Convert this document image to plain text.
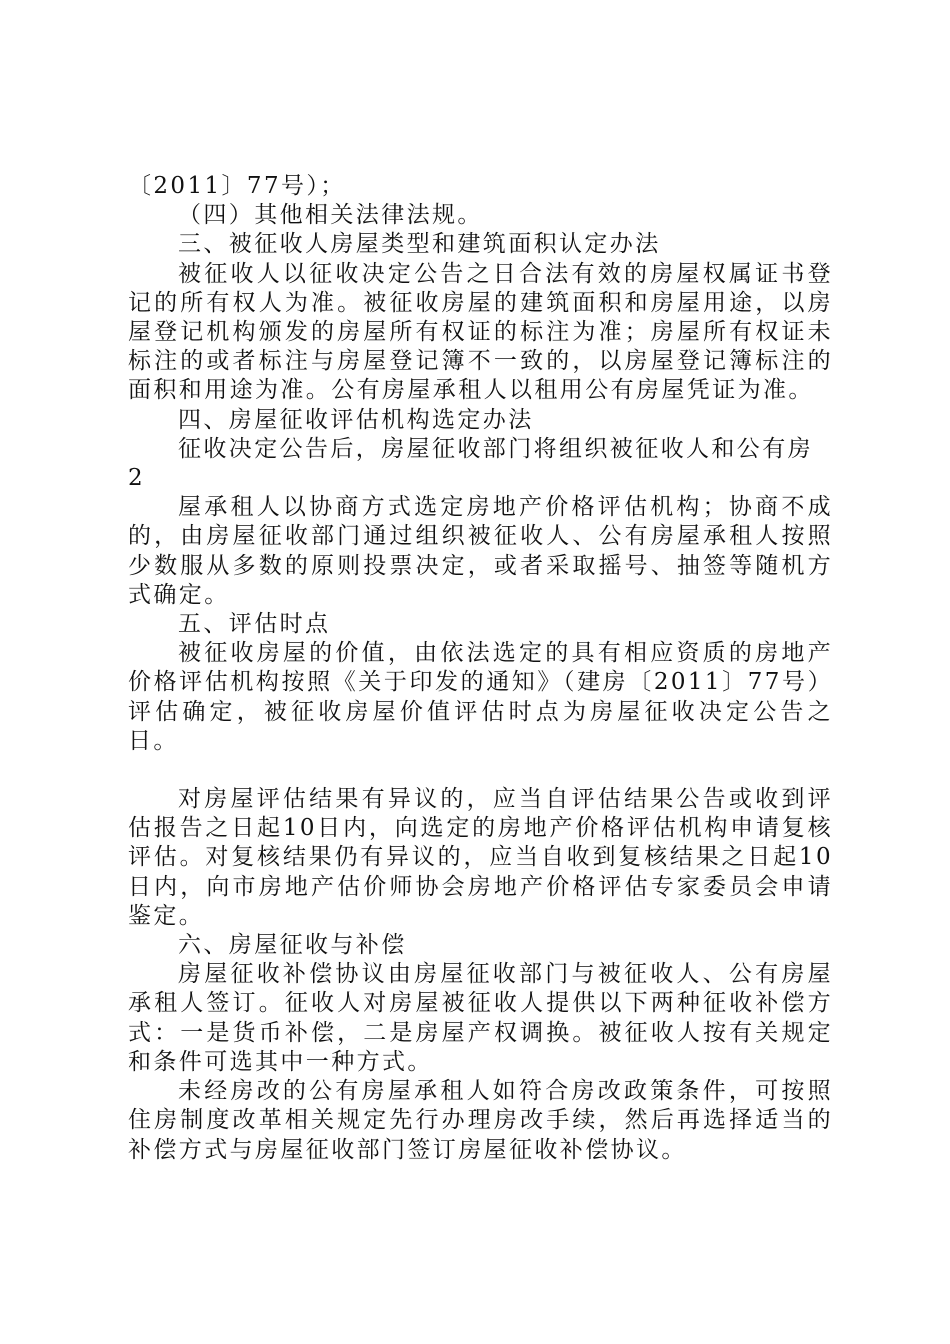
〔2011〕77号）；

（四）其他相关法律法规。

三、被征收人房屋类型和建筑面积认定办法

被征收人以征收决定公告之日合法有效的房屋权属证书登记的所有权人为准。被征收房屋的建筑面积和房屋用途，以房屋登记机构颁发的房屋所有权证的标注为准；房屋所有权证未标注的或者标注与房屋登记簿不一致的，以房屋登记簿标注的面积和用途为准。公有房屋承租人以租用公有房屋凭证为准。

四、房屋征收评估机构选定办法

征收决定公告后，房屋征收部门将组织被征收人和公有房

2

屋承租人以协商方式选定房地产价格评估机构；协商不成的，由房屋征收部门通过组织被征收人、公有房屋承租人按照少数服从多数的原则投票决定，或者采取摇号、抽签等随机方式确定。

五、评估时点

被征收房屋的价值，由依法选定的具有相应资质的房地产价格评估机构按照《关于印发的通知》（建房〔2011〕77号）评估确定，被征收房屋价值评估时点为房屋征收决定公告之日。

对房屋评估结果有异议的，应当自评估结果公告或收到评估报告之日起10日内，向选定的房地产价格评估机构申请复核评估。对复核结果仍有异议的，应当自收到复核结果之日起10日内，向市房地产估价师协会房地产价格评估专家委员会申请鉴定。

六、房屋征收与补偿

房屋征收补偿协议由房屋征收部门与被征收人、公有房屋承租人签订。征收人对房屋被征收人提供以下两种征收补偿方式：一是货币补偿，二是房屋产权调换。被征收人按有关规定和条件可选其中一种方式。

未经房改的公有房屋承租人如符合房改政策条件，可按照住房制度改革相关规定先行办理房改手续，然后再选择适当的补偿方式与房屋征收部门签订房屋征收补偿协议。
